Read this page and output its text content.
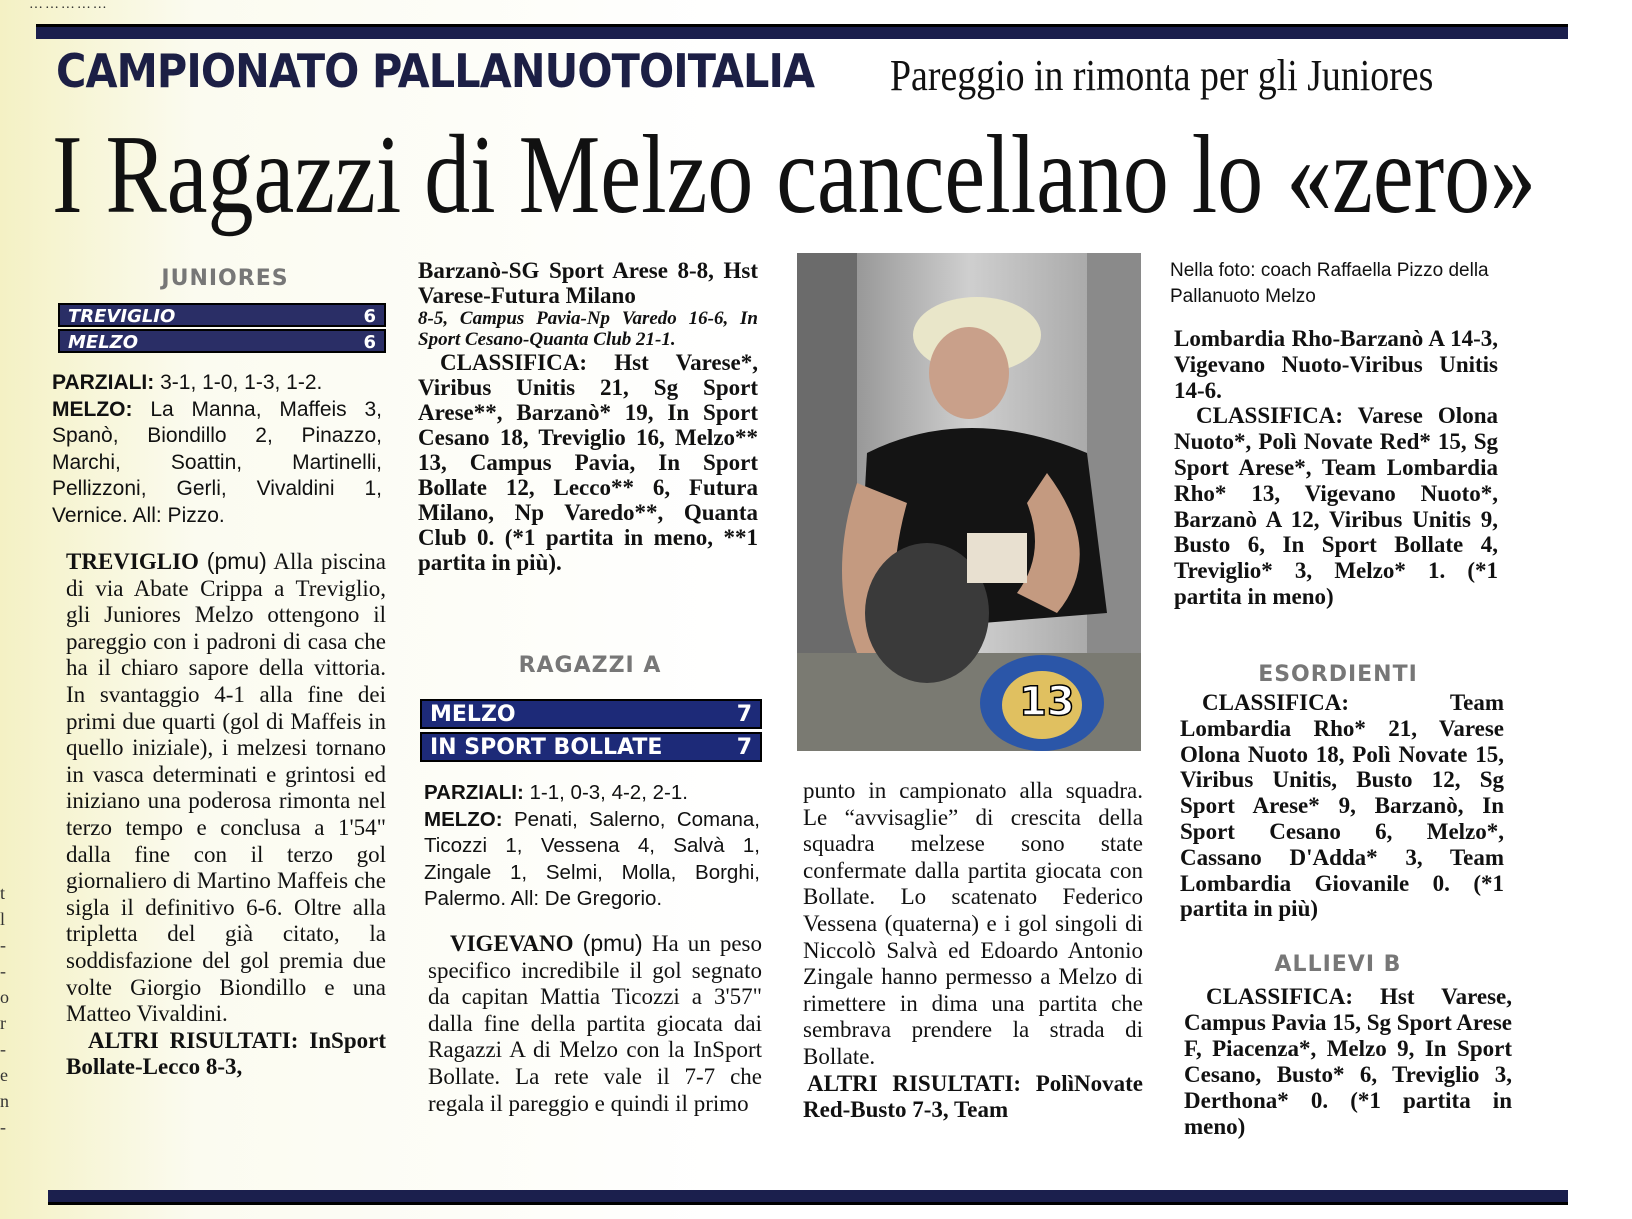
… … … … …
CAMPIONATO PALLANUOTOITALIA Pareggio in rimonta per gli Juniores
I Ragazzi di Melzo cancellano lo «zero»
t
l
-
-
o
r
-
e
n
-
JUNIORES
TREVIGLIO	6
MELZO	6

PARZIALI: 3-1, 1-0, 1-3, 1-2.

MELZO: La Manna, Maffeis 3, Spanò, Biondillo 2, Pinazzo, Marchi, Soattin, Martinelli, Pellizzoni, Gerli, Vivaldini 1, Vernice. All: Pizzo.

TREVIGLIO (pmu) Alla piscina di via Abate Crippa a Treviglio, gli Juniores Melzo ottengono il pareggio con i padroni di casa che ha il chiaro sapore della vittoria. In svantaggio 4-1 alla fine dei primi due quarti (gol di Maffeis in quello iniziale), i melzesi tornano in vasca determinati e grintosi ed iniziano una poderosa rimonta nel terzo tempo e conclusa a 1'54" dalla fine con il terzo gol giornaliero di Martino Maffeis che sigla il definitivo 6-6. Oltre alla tripletta del già citato, la soddisfazione del gol premia due volte Giorgio Biondillo e una Matteo Vivaldini.

ALTRI RISULTATI: InSport Bollate-Lecco 8-3,

Barzanò-SG Sport Arese 8-8, Hst Varese-Futura Milano

8-5, Campus Pavia-Np Varedo 16-6, In Sport Cesano-Quanta Club 21-1.

CLASSIFICA: Hst Varese*, Viribus Unitis 21, Sg Sport Arese**, Barzanò* 19, In Sport Cesano 18, Treviglio 16, Melzo** 13, Campus Pavia, In Sport Bollate 12, Lecco** 6, Futura Milano, Np Varedo**, Quanta Club 0. (*1 partita in meno, **1 partita in più).

RAGAZZI A
MELZO	7
IN SPORT BOLLATE	7

PARZIALI: 1-1, 0-3, 4-2, 2-1.

MELZO: Penati, Salerno, Comana, Ticozzi 1, Vessena 4, Salvà 1, Zingale 1, Selmi, Molla, Borghi, Palermo. All: De Gregorio.

VIGEVANO (pmu) Ha un peso specifico incredibile il gol segnato da capitan Mattia Ticozzi a 3'57" dalla fine della partita giocata dai Ragazzi A di Melzo con la InSport Bollate. La rete vale il 7-7 che regala il pareggio e quindi il primo

13

punto in campionato alla squadra. Le “avvisaglie” di crescita della squadra melzese sono state confermate dalla partita giocata con Bollate. Lo scatenato Federico Vessena (quaterna) e i gol singoli di Niccolò Salvà ed Edoardo Antonio Zingale hanno permesso a Melzo di rimettere in dima una partita che sembrava prendere la strada di Bollate.

ALTRI RISULTATI: PolìNovate Red-Busto 7-3, Team

Nella foto: coach Raffaella Pizzo della Pallanuoto Melzo

Lombardia Rho-Barzanò A 14-3, Vigevano Nuoto-Viribus Unitis 14-6.

CLASSIFICA: Varese Olona Nuoto*, Polì Novate Red* 15, Sg Sport Arese*, Team Lombardia Rho* 13, Vigevano Nuoto*, Barzanò A 12, Viribus Unitis 9, Busto 6, In Sport Bollate 4, Treviglio* 3, Melzo* 1. (*1 partita in meno)

ESORDIENTI

CLASSIFICA: Team Lombardia Rho* 21, Varese Olona Nuoto 18, Polì Novate 15, Viribus Unitis, Busto 12, Sg Sport Arese* 9, Barzanò, In Sport Cesano 6, Melzo*, Cassano D'Adda* 3, Team Lombardia Giovanile 0. (*1 partita in più)

ALLIEVI B

CLASSIFICA: Hst Varese, Campus Pavia 15, Sg Sport Arese F, Piacenza*, Melzo 9, In Sport Cesano, Busto* 6, Treviglio 3, Derthona* 0. (*1 partita in meno)
